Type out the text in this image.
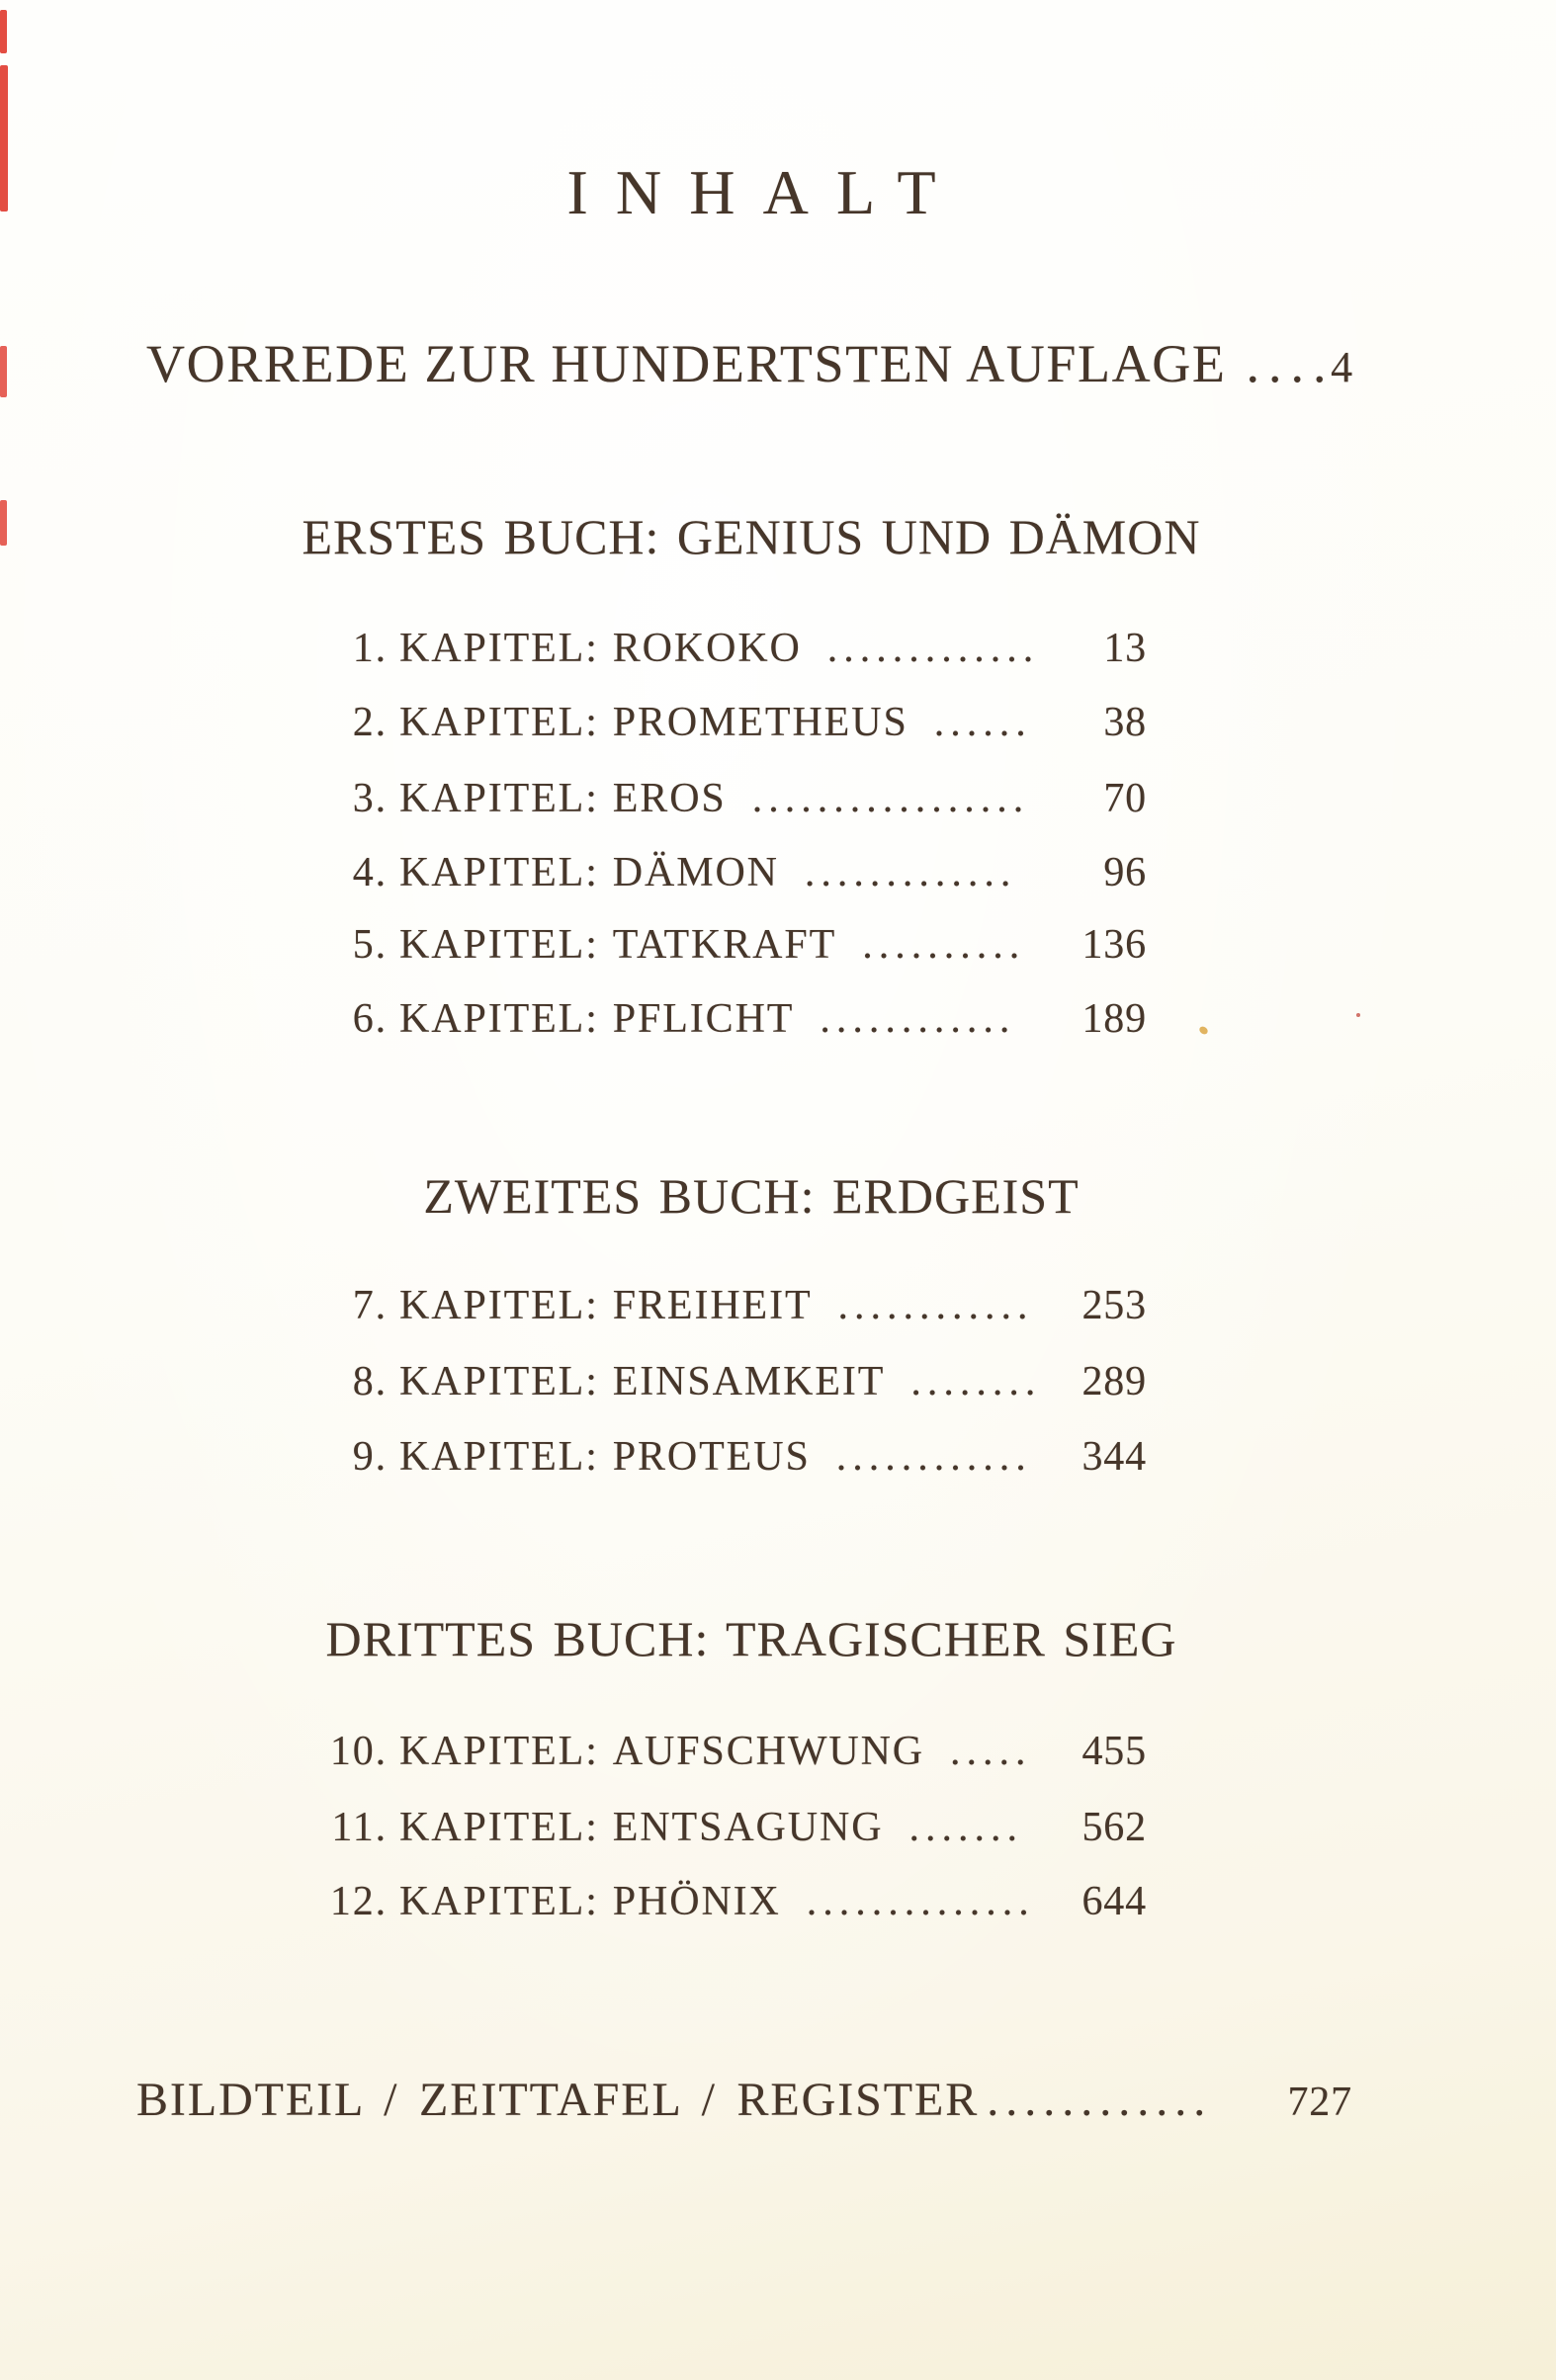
INHALT
VORREDE ZUR HUNDERTSTEN AUFLAGE ....
4
ERSTES BUCH: GENIUS UND DÄMON
1. KAPITEL: ROKOKO ............. 13
2. KAPITEL: PROMETHEUS ...... 38
3. KAPITEL: EROS ................. 70
4. KAPITEL: DÄMON ............. 96
5. KAPITEL: TATKRAFT .......... 136
6. KAPITEL: PFLICHT ............ 189
ZWEITES BUCH: ERDGEIST
7. KAPITEL: FREIHEIT ............ 253
8. KAPITEL: EINSAMKEIT ........ 289
9. KAPITEL: PROTEUS ............ 344
DRITTES BUCH: TRAGISCHER SIEG
10. KAPITEL: AUFSCHWUNG ..... 455
11. KAPITEL: ENTSAGUNG ....... 562
12. KAPITEL: PHÖNIX .............. 644
BILDTEIL / ZEITTAFEL / REGISTER ............ 727
